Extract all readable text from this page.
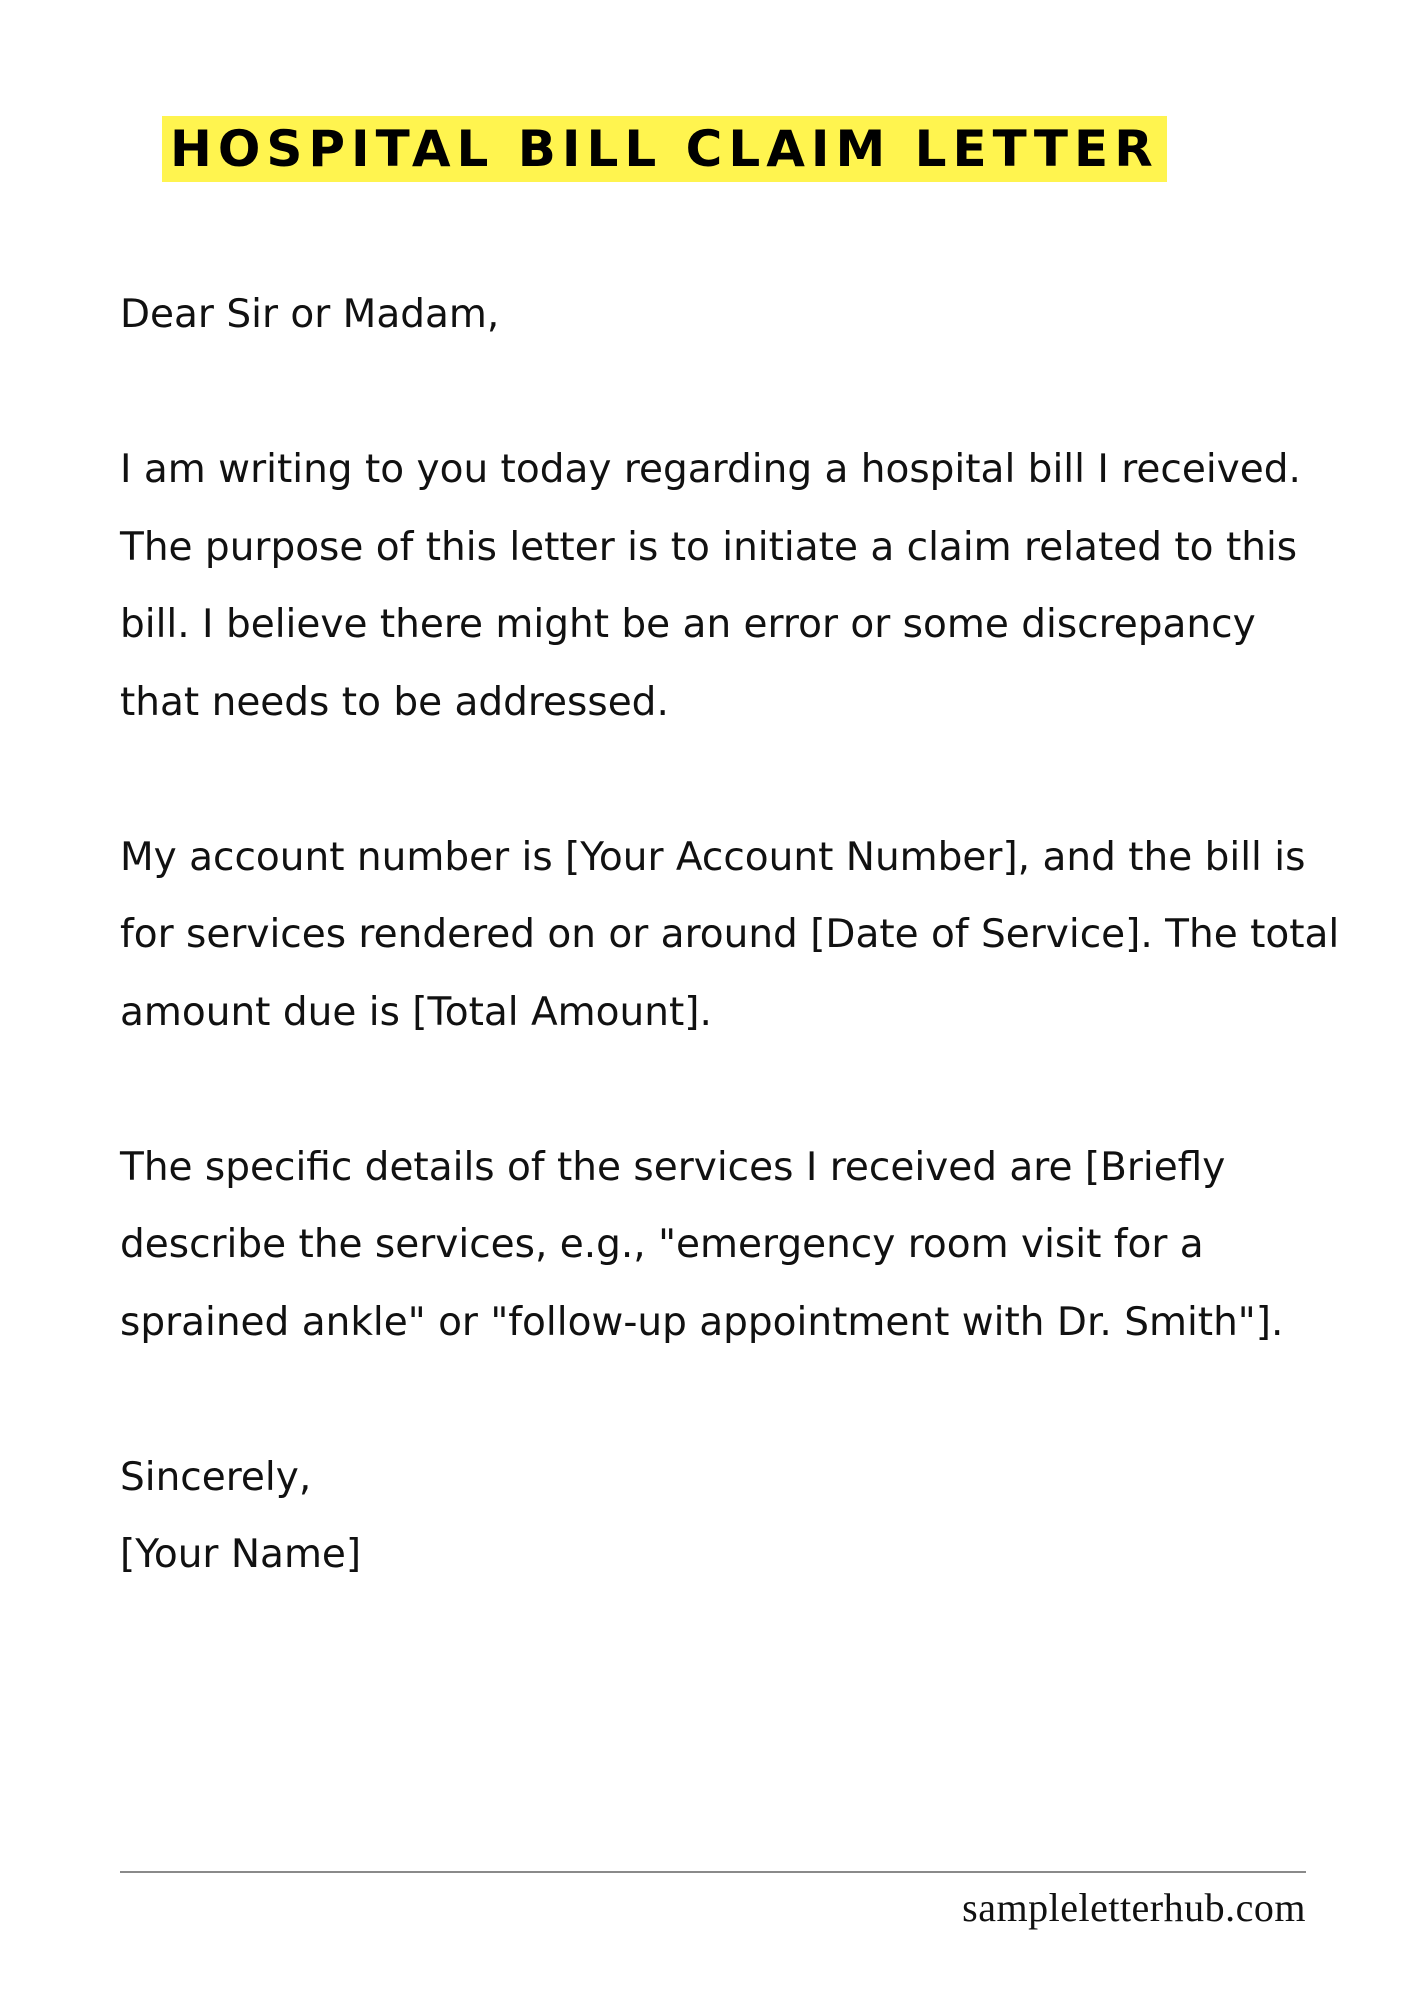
HOSPITAL BILL CLAIM LETTER

Dear Sir or Madam,

I am writing to you today regarding a hospital bill I received. The purpose of this letter is to initiate a claim related to this bill. I believe there might be an error or some discrepancy that needs to be addressed.

My account number is [Your Account Number], and the bill is for services rendered on or around [Date of Service]. The total amount due is [Total Amount].

The specific details of the services I received are [Briefly describe the services, e.g., "emergency room visit for a sprained ankle" or "follow-up appointment with Dr. Smith"].

Sincerely,
[Your Name]
sampleletterhub.com
